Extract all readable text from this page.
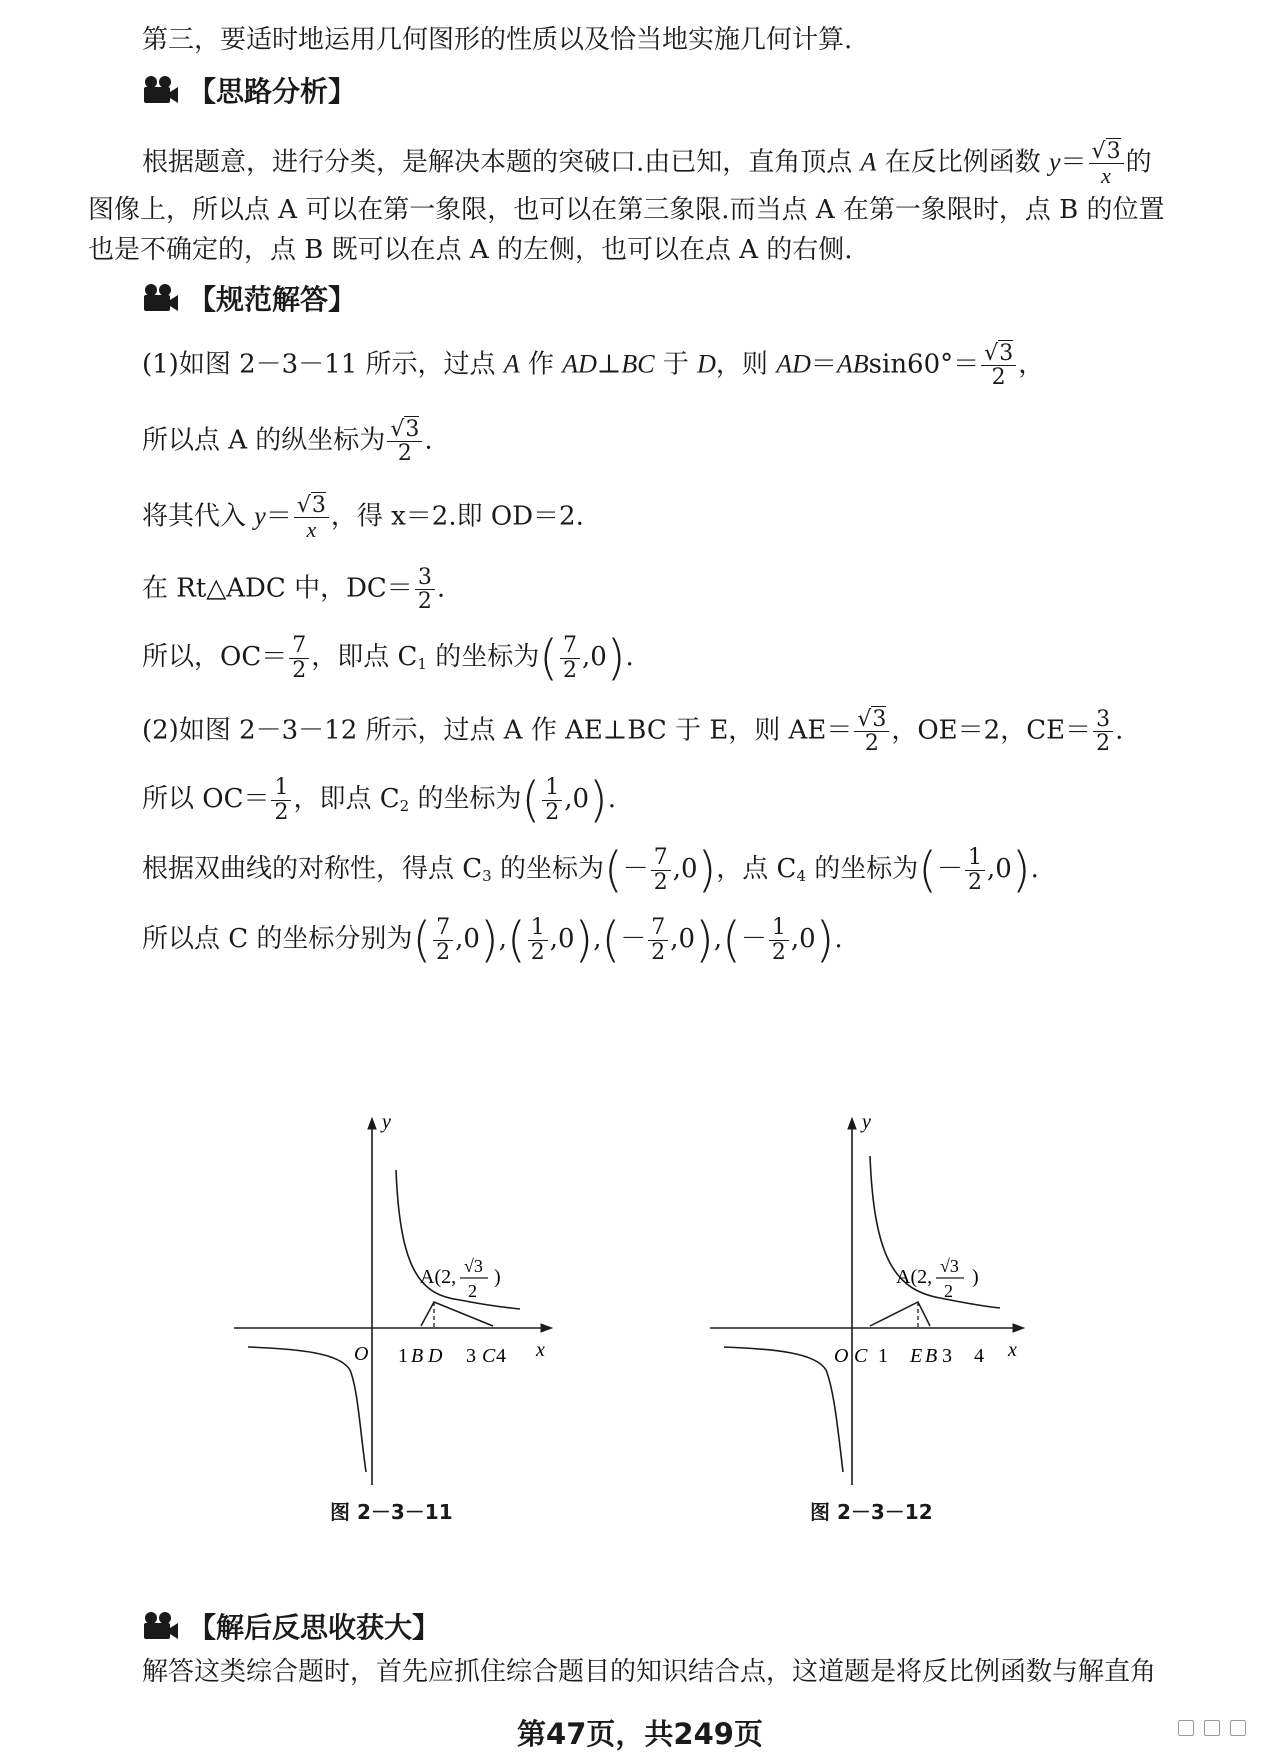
第三，要适时地运用几何图形的性质以及恰当地实施几何计算.
【思路分析】
根据题意，进行分类，是解决本题的突破口.由已知，直角顶点 A 在反比例函数 $y= \frac{√3}{x}$ 的
图像上，所以点 A 可以在第一象限，也可以在第三象限.而当点 A 在第一象限时，点 B 的位置
也是不确定的，点 B 既可以在点 A 的左侧，也可以在点 A 的右侧.
【规范解答】
(1)如图 2－3－11 所示，过点 A 作 AD⊥BC 于 D，则 $AD=ABsin60^\circ= \frac{√3}{2}$ ，
所以点 A 的纵坐标为 $\frac{√3}{2}$ .
将其代入 $y= \frac{√3}{x}$ ，得 x＝2.即 OD＝2.
在 Rt△ADC 中，$DC= \frac{3}{2}$ .
所以，$OC= \frac{7}{2}$ ，即点 $C_1$ 的坐标为( $\frac{7}{2} ,0$).
(2)如图 2－3－12 所示，过点 A 作 AE⊥BC 于 E，则 $AE= \frac{√3}{2}$ ，OE＝2，$CE= \frac{3}{2}$ .
所以 $OC= \frac{1}{2}$ ，即点 $C_2$ 的坐标为( $\frac{1}{2} ,0$).
根据双曲线的对称性，得点 $C_3$ 的坐标为(－ $\frac{7}{2} ,0$)，点 $C_4$ 的坐标为(－ $\frac{1}{2} ,0$).
所以点 C 的坐标分别为( $\frac{7}{2} ,0),( \frac{1}{2} ,0),(- \frac{7}{2} ,0),(- \frac{1}{2} ,0)$.
y
x
O 1 B D 3 C 4
A(2, √3
2
)
图 2－3－11
y
x
O C 1 E B 3 4
A(2, √3
2
)
图 2－3－12
【解后反思收获大】
解答这类综合题时，首先应抓住综合题目的知识结合点，这道题是将反比例函数与解直角
第47页，共249页
